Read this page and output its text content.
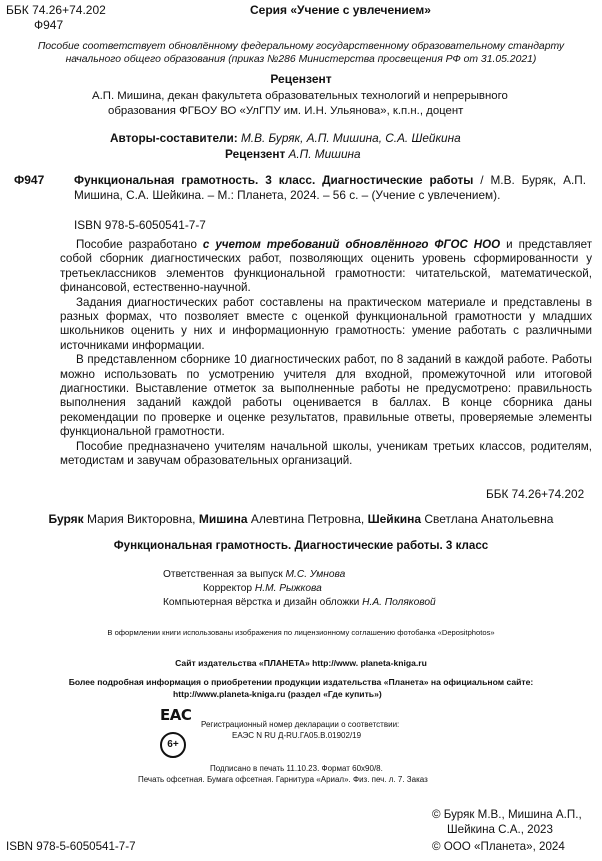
ББК 74.26+74.202
Ф947
Серия «Учение с увлечением»
Пособие соответствует обновлённому федеральному государственному образовательному стандарту
начального общего образования (приказ №286 Министерства просвещения РФ от 31.05.2021)
Рецензент
А.П. Мишина, декан факультета образовательных технологий и непрерывного
образования ФГБОУ ВО «УлГПУ им. И.Н. Ульянова», к.п.н., доцент
Авторы-составители: М.В. Буряк, А.П. Мишина, С.А. Шейкина
Рецензент А.П. Мишина
Ф947	Функциональная грамотность. 3 класс. Диагностические работы / М.В. Буряк, А.П. Мишина, С.А. Шейкина. – М.: Планета, 2024. – 56 с. – (Учение с увлечением).
ISBN 978-5-6050541-7-7

Пособие разработано с учетом требований обновлённого ФГОС НОО и представляет собой сборник диагностических работ, позволяющих оценить уровень сформированности у третьеклассников элементов функциональной грамотности: читательской, математической, финансовой, естественно-научной.

Задания диагностических работ составлены на практическом материале и представлены в разных формах, что позволяет вместе с оценкой функциональной грамотности у младших школьников оценить у них и информационную грамотность: умение работать с различными источниками информации.

В представленном сборнике 10 диагностических работ, по 8 заданий в каждой работе. Работы можно использовать по усмотрению учителя для входной, промежуточной или итоговой диагностики. Выставление отметок за выполненные работы не предусмотрено: правильность выполнения заданий каждой работы оценивается в баллах. В конце сборника даны рекомендации по проверке и оценке результатов, правильные ответы, проверяемые элементы функциональной грамотности.

Пособие предназначено учителям начальной школы, ученикам третьих классов, родителям, методистам и завучам образовательных организаций.

ББК 74.26+74.202
Буряк Мария Викторовна, Мишина Алевтина Петровна, Шейкина Светлана Анатольевна
Функциональная грамотность. Диагностические работы. 3 класс
Ответственная за выпуск М.С. Умнова
Корректор Н.М. Рыжкова
Компьютерная вёрстка и дизайн обложки Н.А. Поляковой
В оформлении книги использованы изображения по лицензионному соглашению фотобанка «Depositphotos»
Сайт издательства «ПЛАНЕТА» http://www. planeta-kniga.ru
Более подробная информация о приобретении продукции издательства «Планета» на официальном сайте:
http://www.planeta-kniga.ru (раздел «Где купить»)
EAC
6+
Регистрационный номер декларации о соответствии:
ЕАЭС N RU Д-RU.ГА05.В.01902/19
Подписано в печать 11.10.23. Формат 60х90/8.
Печать офсетная. Бумага офсетная. Гарнитура «Ариал». Физ. печ. л. 7. Заказ
ISBN 978-5-6050541-7-7
© Буряк М.В., Мишина А.П.,
Шейкина С.А., 2023
© ООО «Планета», 2024
